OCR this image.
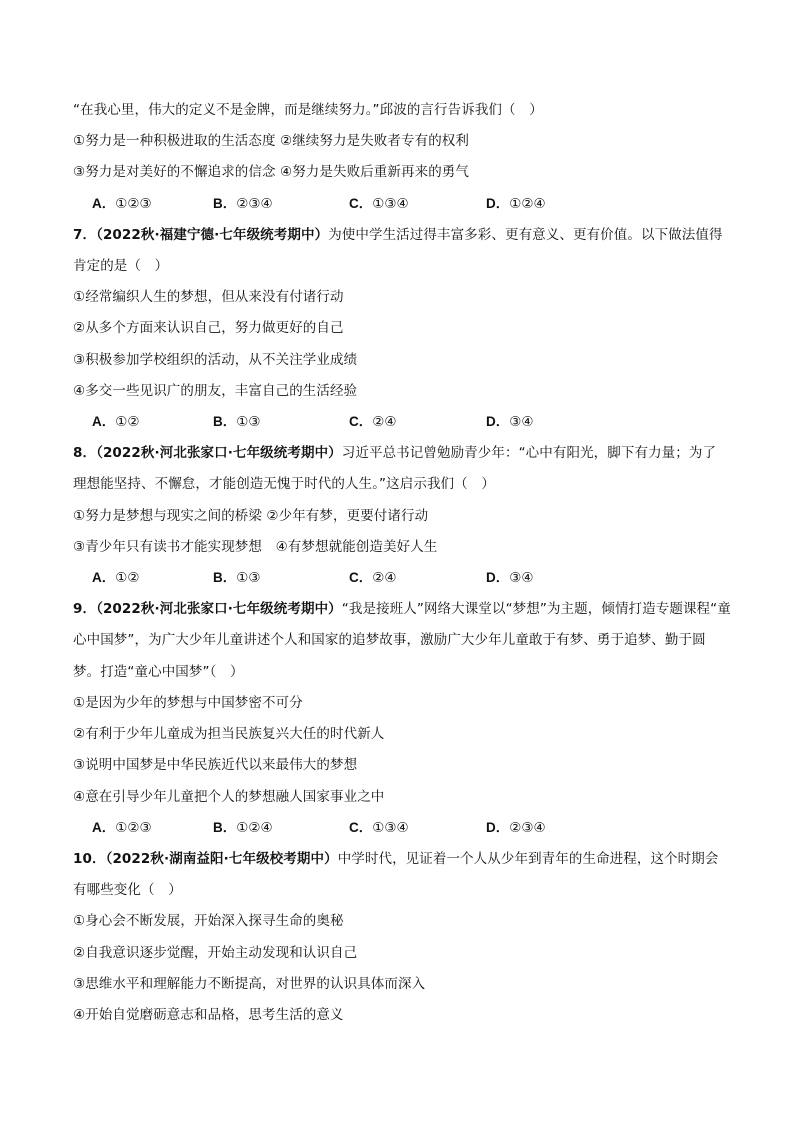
“在我心里，伟大的定义不是金牌，而是继续努力。”邱波的言行告诉我们（　）
①努力是一种积极进取的生活态度 ②继续努力是失败者专有的权利
③努力是对美好的不懈追求的信念 ④努力是失败后重新再来的勇气
A．①②③	B．②③④	C．①③④	D．①②④
7．（2022秋·福建宁德·七年级统考期中）为使中学生活过得丰富多彩、更有意义、更有价值。以下做法值得
肯定的是（　）
①经常编织人生的梦想，但从来没有付诸行动
②从多个方面来认识自己，努力做更好的自己
③积极参加学校组织的活动，从不关注学业成绩
④多交一些见识广的朋友，丰富自己的生活经验
A．①②	B．①③	C．②④	D．③④
8．（2022秋·河北张家口·七年级统考期中）习近平总书记曾勉励青少年：“心中有阳光，脚下有力量；为了
理想能坚持、不懈怠，才能创造无愧于时代的人生。”这启示我们（　）
①努力是梦想与现实之间的桥梁 ②少年有梦，更要付诸行动
③青少年只有读书才能实现梦想　④有梦想就能创造美好人生
A．①②	B．①③	C．②④	D．③④
9．（2022秋·河北张家口·七年级统考期中）“我是接班人”网络大课堂以“梦想”为主题，倾情打造专题课程“童
心中国梦”，为广大少年儿童讲述个人和国家的追梦故事，激励广大少年儿童敢于有梦、勇于追梦、勤于圆
梦。打造“童心中国梦”（　）
①是因为少年的梦想与中国梦密不可分
②有利于少年儿童成为担当民族复兴大任的时代新人
③说明中国梦是中华民族近代以来最伟大的梦想
④意在引导少年儿童把个人的梦想融人国家事业之中
A．①②③	B．①②④	C．①③④	D．②③④
10．（2022秋·湖南益阳·七年级校考期中）中学时代，见证着一个人从少年到青年的生命进程，这个时期会
有哪些变化（　）
①身心会不断发展，开始深入探寻生命的奥秘
②自我意识逐步觉醒，开始主动发现和认识自己
③思维水平和理解能力不断提高，对世界的认识具体而深入
④开始自觉磨砺意志和品格，思考生活的意义
